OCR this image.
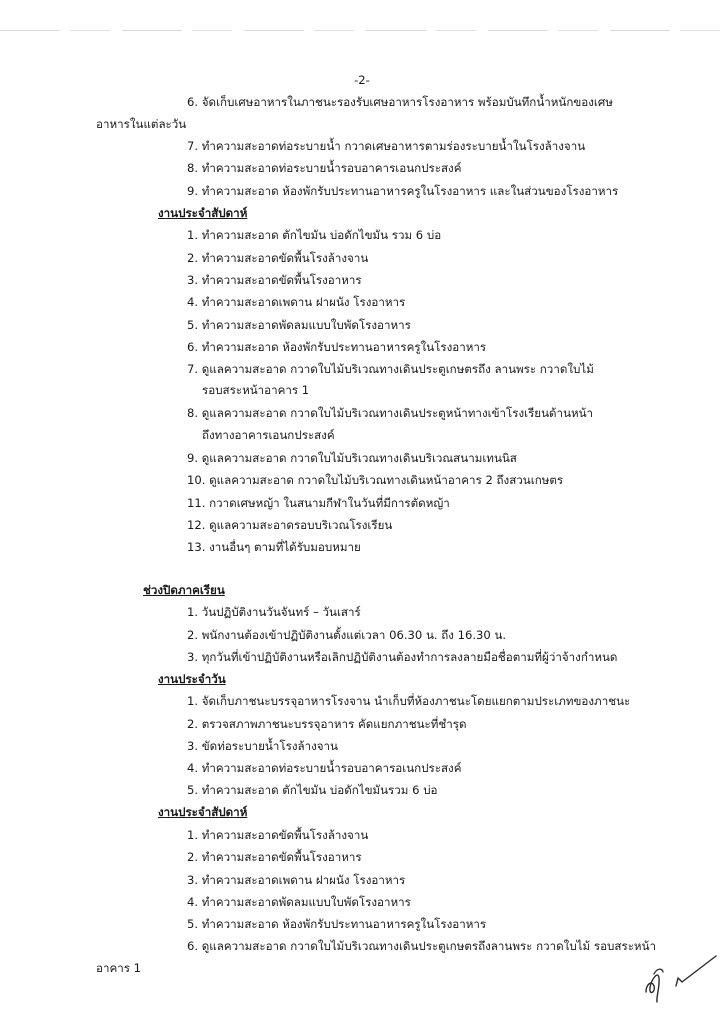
-2-
6. จัดเก็บเศษอาหารในภาชนะรองรับเศษอาหารโรงอาหาร พร้อมบันทึกน้ำหนักของเศษ
อาหารในแต่ละวัน
7. ทำความสะอาดท่อระบายน้ำ กวาดเศษอาหารตามร่องระบายน้ำในโรงล้างจาน
8. ทำความสะอาดท่อระบายน้ำรอบอาคารเอนกประสงค์
9. ทำความสะอาด ห้องพักรับประทานอาหารครูในโรงอาหาร และในส่วนของโรงอาหาร
งานประจำสัปดาห์
1. ทำความสะอาด ตักไขมัน บ่อดักไขมัน รวม 6 บ่อ
2. ทำความสะอาดขัดพื้นโรงล้างจาน
3. ทำความสะอาดขัดพื้นโรงอาหาร
4. ทำความสะอาดเพดาน ฝาผนัง โรงอาหาร
5. ทำความสะอาดพัดลมแบบใบพัดโรงอาหาร
6. ทำความสะอาด ห้องพักรับประทานอาหารครูในโรงอาหาร
7. ดูแลความสะอาด กวาดใบไม้บริเวณทางเดินประตูเกษตรถึง ลานพระ กวาดใบไม้
รอบสระหน้าอาคาร 1
8. ดูแลความสะอาด กวาดใบไม้บริเวณทางเดินประตูหน้าทางเข้าโรงเรียนด้านหน้า
ถึงทางอาคารเอนกประสงค์
9. ดูแลความสะอาด กวาดใบไม้บริเวณทางเดินบริเวณสนามเทนนิส
10. ดูแลความสะอาด กวาดใบไม้บริเวณทางเดินหน้าอาคาร 2 ถึงสวนเกษตร
11. กวาดเศษหญ้า ในสนามกีฬาในวันที่มีการตัดหญ้า
12. ดูแลความสะอาดรอบบริเวณโรงเรียน
13. งานอื่นๆ ตามที่ได้รับมอบหมาย
ช่วงปิดภาคเรียน
1. วันปฏิบัติงานวันจันทร์ – วันเสาร์
2. พนักงานต้องเข้าปฏิบัติงานตั้งแต่เวลา 06.30 น. ถึง 16.30 น.
3. ทุกวันที่เข้าปฏิบัติงานหรือเลิกปฏิบัติงานต้องทำการลงลายมือชื่อตามที่ผู้ว่าจ้างกำหนด
งานประจำวัน
1. จัดเก็บภาชนะบรรจุอาหารโรงจาน นำเก็บที่ห้องภาชนะโดยแยกตามประเภทของภาชนะ
2. ตรวจสภาพภาชนะบรรจุอาหาร คัดแยกภาชนะที่ชำรุด
3. ขัดท่อระบายน้ำโรงล้างจาน
4. ทำความสะอาดท่อระบายน้ำรอบอาคารอเนกประสงค์
5. ทำความสะอาด ตักไขมัน บ่อดักไขมันรวม 6 บ่อ
งานประจำสัปดาห์
1. ทำความสะอาดขัดพื้นโรงล้างจาน
2. ทำความสะอาดขัดพื้นโรงอาหาร
3. ทำความสะอาดเพดาน ฝาผนัง โรงอาหาร
4. ทำความสะอาดพัดลมแบบใบพัดโรงอาหาร
5. ทำความสะอาด ห้องพักรับประทานอาหารครูในโรงอาหาร
6. ดูแลความสะอาด กวาดใบไม้บริเวณทางเดินประตูเกษตรถึงลานพระ กวาดใบไม้ รอบสระหน้า
อาคาร 1
